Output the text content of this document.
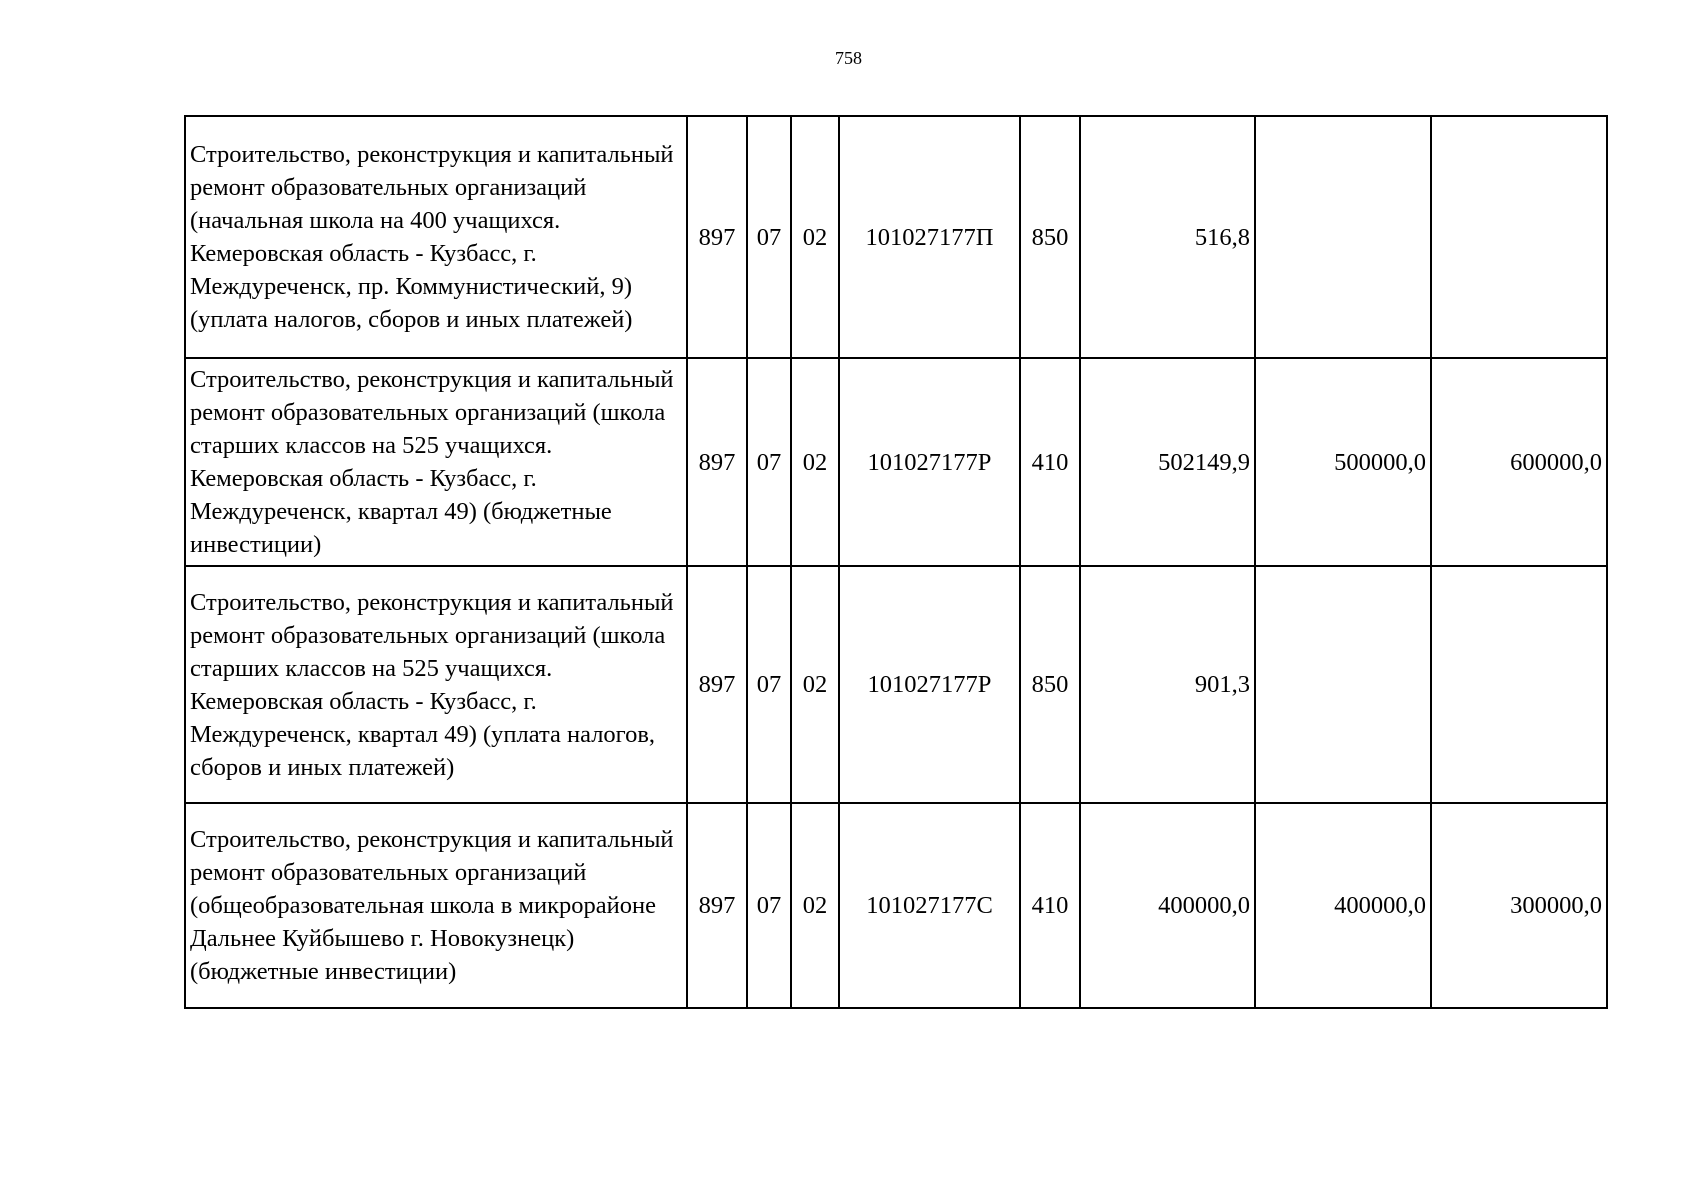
758
Строительство, реконструкция и капитальный ремонт образовательных организаций (начальная школа на 400 учащихся. Кемеровская область - Кузбасс, г. Междуреченск, пр. Коммунистический, 9) (уплата налогов, сборов и иных платежей)	897	07	02	101027177П	850	516,8		
Строительство, реконструкция и капитальный ремонт образовательных организаций (школа старших классов на 525 учащихся. Кемеровская область - Кузбасс, г. Междуреченск, квартал 49) (бюджетные инвестиции)	897	07	02	101027177Р	410	502149,9	500000,0	600000,0
Строительство, реконструкция и капитальный ремонт образовательных организаций (школа старших классов на 525 учащихся. Кемеровская область - Кузбасс, г. Междуреченск, квартал 49) (уплата налогов, сборов и иных платежей)	897	07	02	101027177Р	850	901,3		
Строительство, реконструкция и капитальный ремонт образовательных организаций (общеобразовательная школа в микрорайоне Дальнее Куйбышево г. Новокузнецк) (бюджетные инвестиции)	897	07	02	101027177С	410	400000,0	400000,0	300000,0
